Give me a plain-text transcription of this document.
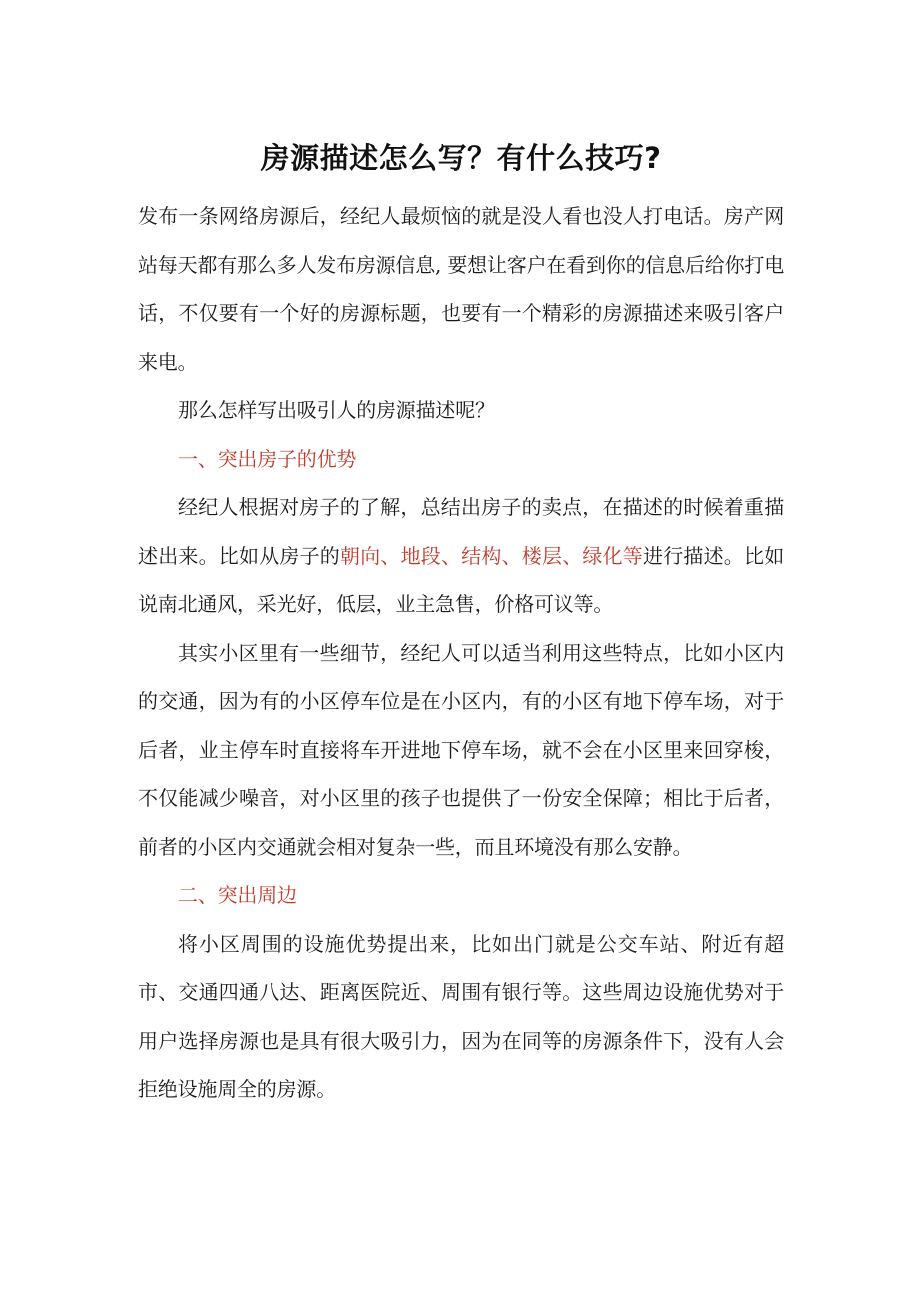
房源描述怎么写？有什么技巧?

发布一条网络房源后，经纪人最烦恼的就是没人看也没人打电话。房产网站每天都有那么多人发布房源信息, 要想让客户在看到你的信息后给你打电话，不仅要有一个好的房源标题，也要有一个精彩的房源描述来吸引客户来电。

那么怎样写出吸引人的房源描述呢？

一、突出房子的优势

经纪人根据对房子的了解，总结出房子的卖点，在描述的时候着重描述出来。比如从房子的朝向、地段、结构、楼层、绿化等进行描述。比如说南北通风，采光好，低层，业主急售，价格可议等。

其实小区里有一些细节，经纪人可以适当利用这些特点，比如小区内的交通，因为有的小区停车位是在小区内，有的小区有地下停车场，对于后者，业主停车时直接将车开进地下停车场，就不会在小区里来回穿梭，不仅能减少噪音，对小区里的孩子也提供了一份安全保障；相比于后者，前者的小区内交通就会相对复杂一些，而且环境没有那么安静。

二、突出周边

将小区周围的设施优势提出来，比如出门就是公交车站、附近有超市、交通四通八达、距离医院近、周围有银行等。这些周边设施优势对于用户选择房源也是具有很大吸引力，因为在同等的房源条件下，没有人会拒绝设施周全的房源。
